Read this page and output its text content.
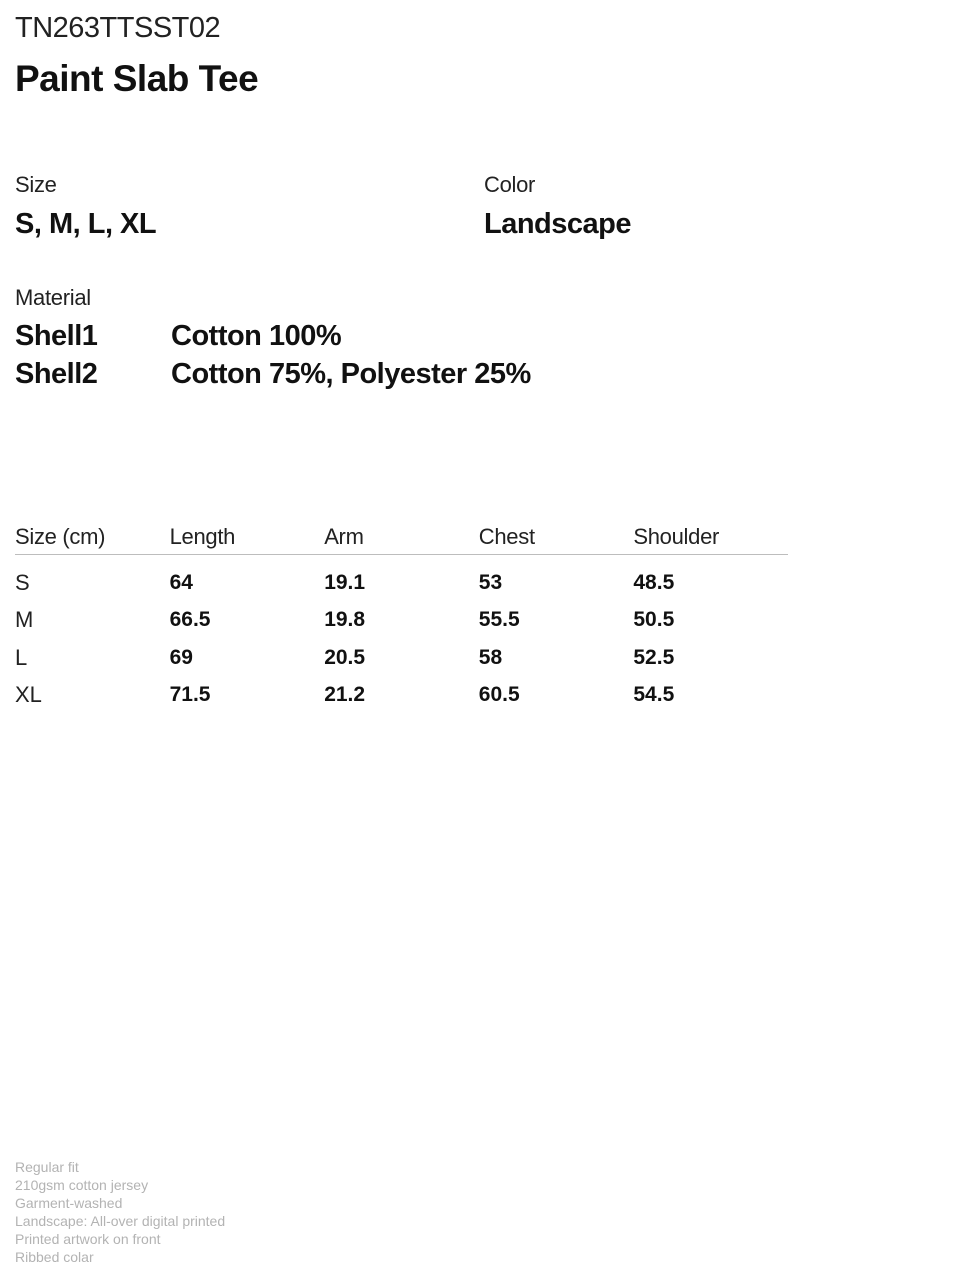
TN263TTSST02
Paint Slab Tee
Size
S, M, L, XL
Color
Landscape
Material
Shell1	Cotton 100%
Shell2	Cotton 75%, Polyester 25%
Size (cm)	Length	Arm	Chest	Shoulder
S	64	19.1	53	48.5
M	66.5	19.8	55.5	50.5
L	69	20.5	58	52.5
XL	71.5	21.2	60.5	54.5
Regular fit
210gsm cotton jersey
Garment-washed
Landscape: All-over digital printed
Printed artwork on front
Ribbed colar
